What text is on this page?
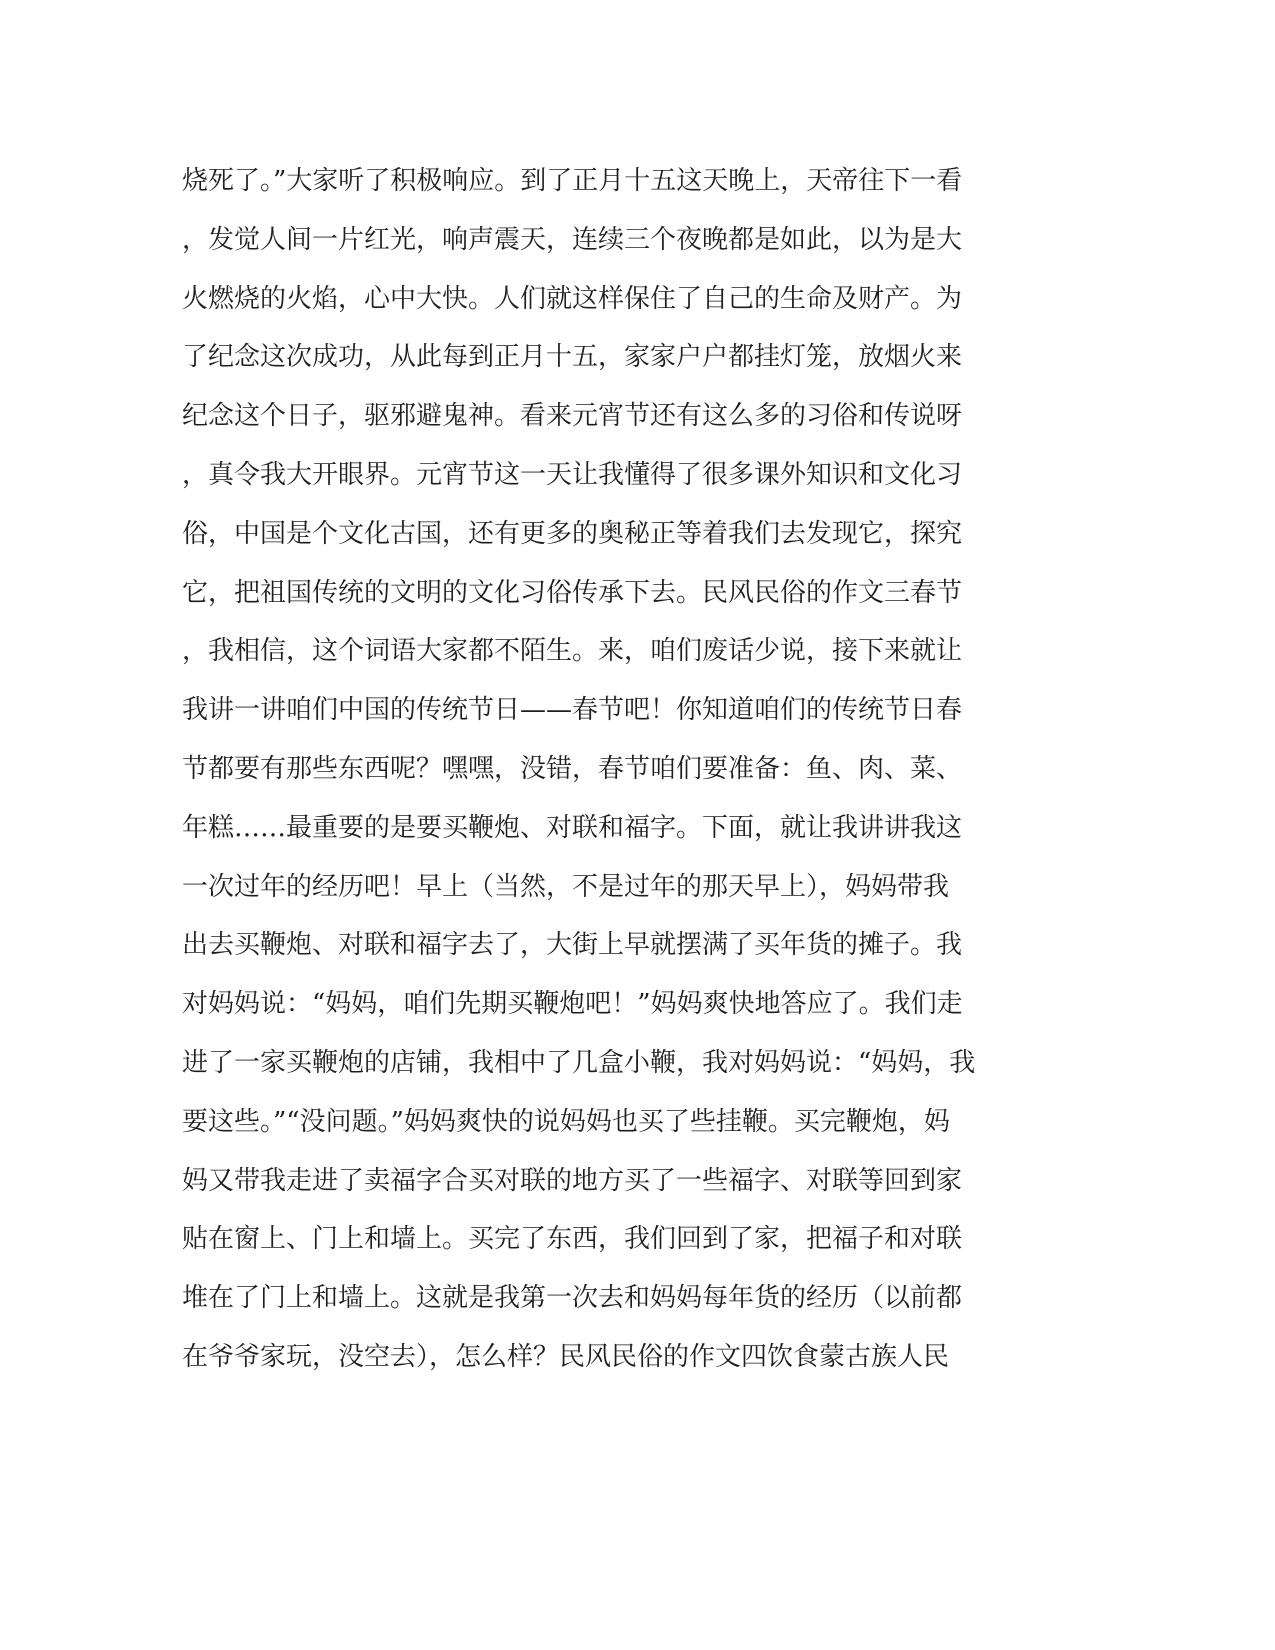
烧死了。”大家听了积极响应。到了正月十五这天晚上，天帝往下一看
，发觉人间一片红光，响声震天，连续三个夜晚都是如此，以为是大
火燃烧的火焰，心中大快。人们就这样保住了自己的生命及财产。为
了纪念这次成功，从此每到正月十五，家家户户都挂灯笼，放烟火来
纪念这个日子，驱邪避鬼神。看来元宵节还有这么多的习俗和传说呀
，真令我大开眼界。元宵节这一天让我懂得了很多课外知识和文化习
俗，中国是个文化古国，还有更多的奥秘正等着我们去发现它，探究
它，把祖国传统的文明的文化习俗传承下去。民风民俗的作文三春节
，我相信，这个词语大家都不陌生。来，咱们废话少说，接下来就让
我讲一讲咱们中国的传统节日——春节吧！你知道咱们的传统节日春
节都要有那些东西呢？嘿嘿，没错，春节咱们要准备：鱼、肉、菜、
年糕……最重要的是要买鞭炮、对联和福字。下面，就让我讲讲我这
一次过年的经历吧！早上（当然，不是过年的那天早上），妈妈带我
出去买鞭炮、对联和福字去了，大街上早就摆满了买年货的摊子。我
对妈妈说：“妈妈，咱们先期买鞭炮吧！”妈妈爽快地答应了。我们走
进了一家买鞭炮的店铺，我相中了几盒小鞭，我对妈妈说：“妈妈，我
要这些。”“没问题。”妈妈爽快的说妈妈也买了些挂鞭。买完鞭炮，妈
妈又带我走进了卖福字合买对联的地方买了一些福字、对联等回到家
贴在窗上、门上和墙上。买完了东西，我们回到了家，把福子和对联
堆在了门上和墙上。这就是我第一次去和妈妈每年货的经历（以前都
在爷爷家玩，没空去），怎么样？民风民俗的作文四饮食蒙古族人民
